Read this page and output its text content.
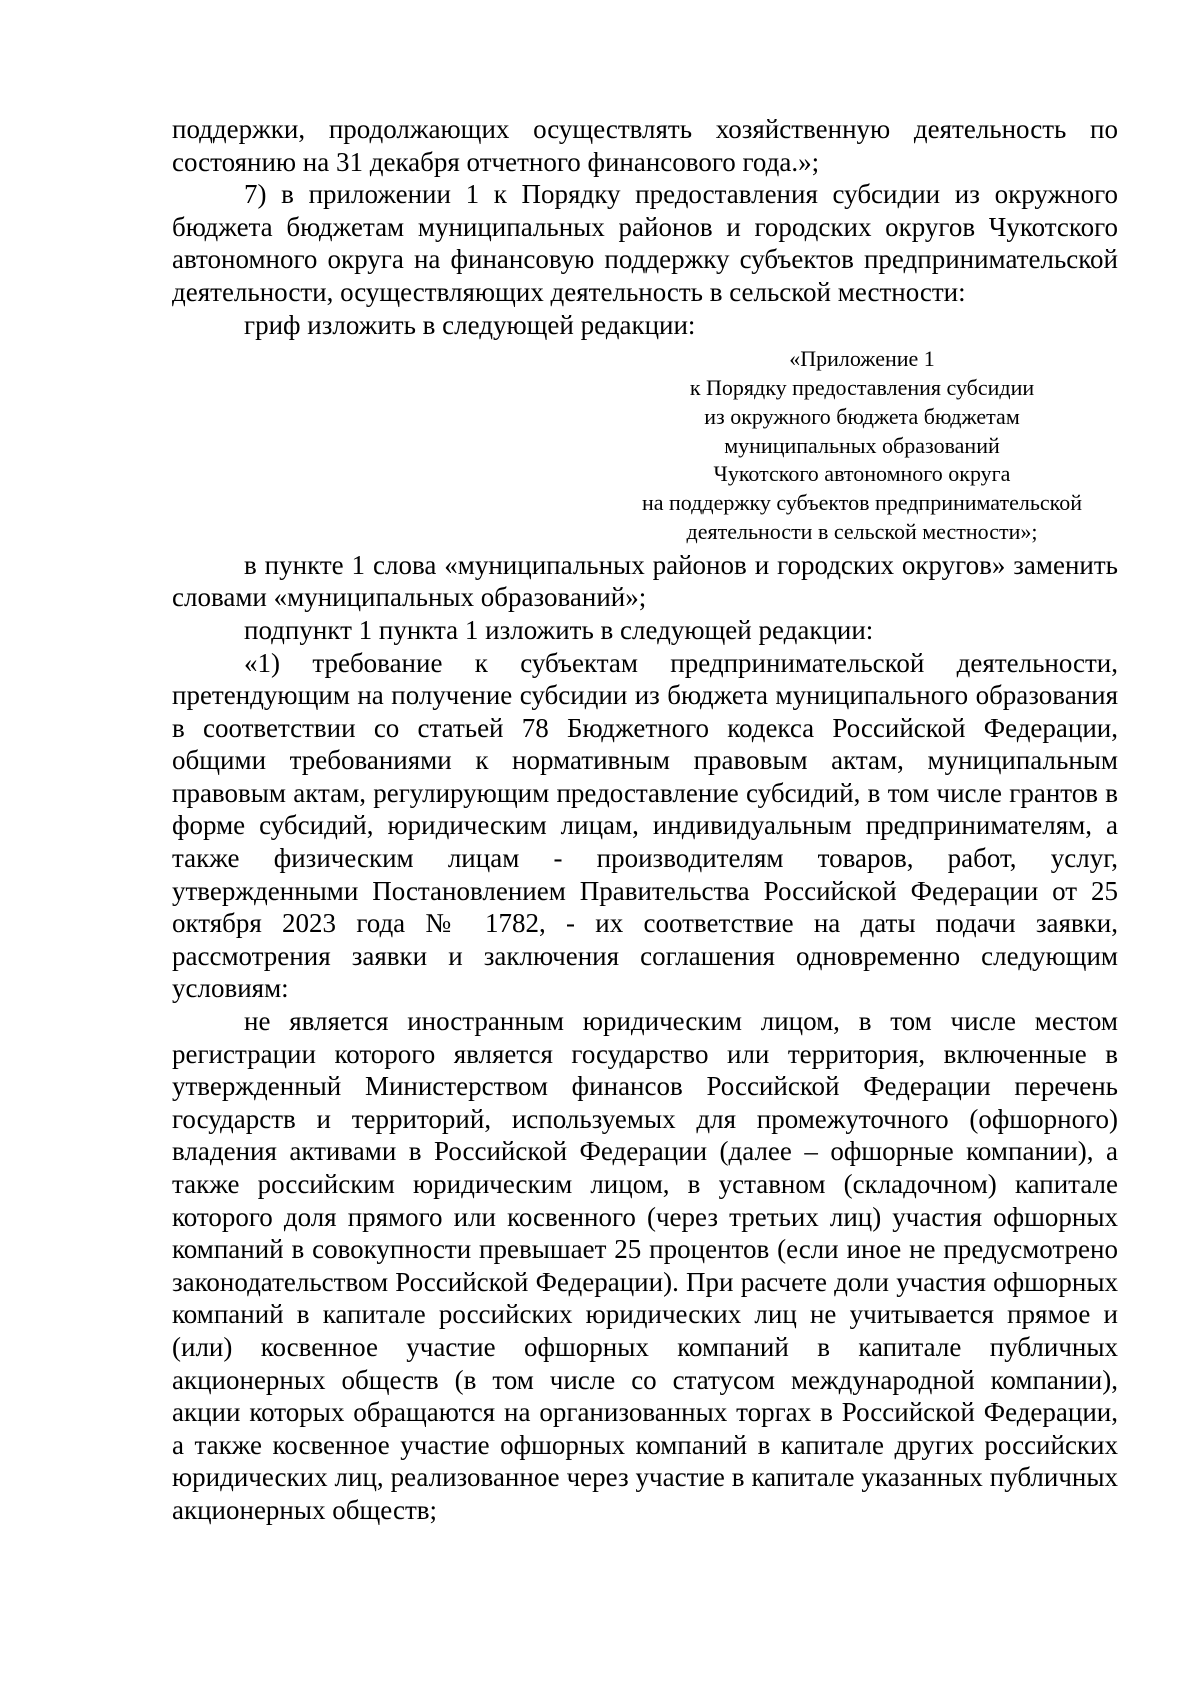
поддержки, продолжающих осуществлять хозяйственную деятельность по состоянию на 31 декабря отчетного финансового года.»;

7) в приложении 1 к Порядку предоставления субсидии из окружного бюджета бюджетам муниципальных районов и городских округов Чукотского автономного округа на финансовую поддержку субъектов предпринимательской деятельности, осуществляющих деятельность в сельской местности:

гриф изложить в следующей редакции:

«Приложение 1
к Порядку предоставления субсидии
из окружного бюджета бюджетам
муниципальных образований
Чукотского автономного округа
на поддержку субъектов предпринимательской
деятельности в сельской местности»;

в пункте 1 слова «муниципальных районов и городских округов» заменить словами «муниципальных образований»;

подпункт 1 пункта 1 изложить в следующей редакции:

«1) требование к субъектам предпринимательской деятельности, претендующим на получение субсидии из бюджета муниципального образования в соответствии со статьей 78 Бюджетного кодекса Российской Федерации, общими требованиями к нормативным правовым актам, муниципальным правовым актам, регулирующим предоставление субсидий, в том числе грантов в форме субсидий, юридическим лицам, индивидуальным предпринимателям, а также физическим лицам - производителям товаров, работ, услуг, утвержденными Постановлением Правительства Российской Федерации от 25 октября 2023 года № 1782, - их соответствие на даты подачи заявки, рассмотрения заявки и заключения соглашения одновременно следующим условиям:

не является иностранным юридическим лицом, в том числе местом регистрации которого является государство или территория, включенные в утвержденный Министерством финансов Российской Федерации перечень государств и территорий, используемых для промежуточного (офшорного) владения активами в Российской Федерации (далее – офшорные компании), а также российским юридическим лицом, в уставном (складочном) капитале которого доля прямого или косвенного (через третьих лиц) участия офшорных компаний в совокупности превышает 25 процентов (если иное не предусмотрено законодательством Российской Федерации). При расчете доли участия офшорных компаний в капитале российских юридических лиц не учитывается прямое и (или) косвенное участие офшорных компаний в капитале публичных акционерных обществ (в том числе со статусом международной компании), акции которых обращаются на организованных торгах в Российской Федерации, а также косвенное участие офшорных компаний в капитале других российских юридических лиц, реализованное через участие в капитале указанных публичных акционерных обществ;
